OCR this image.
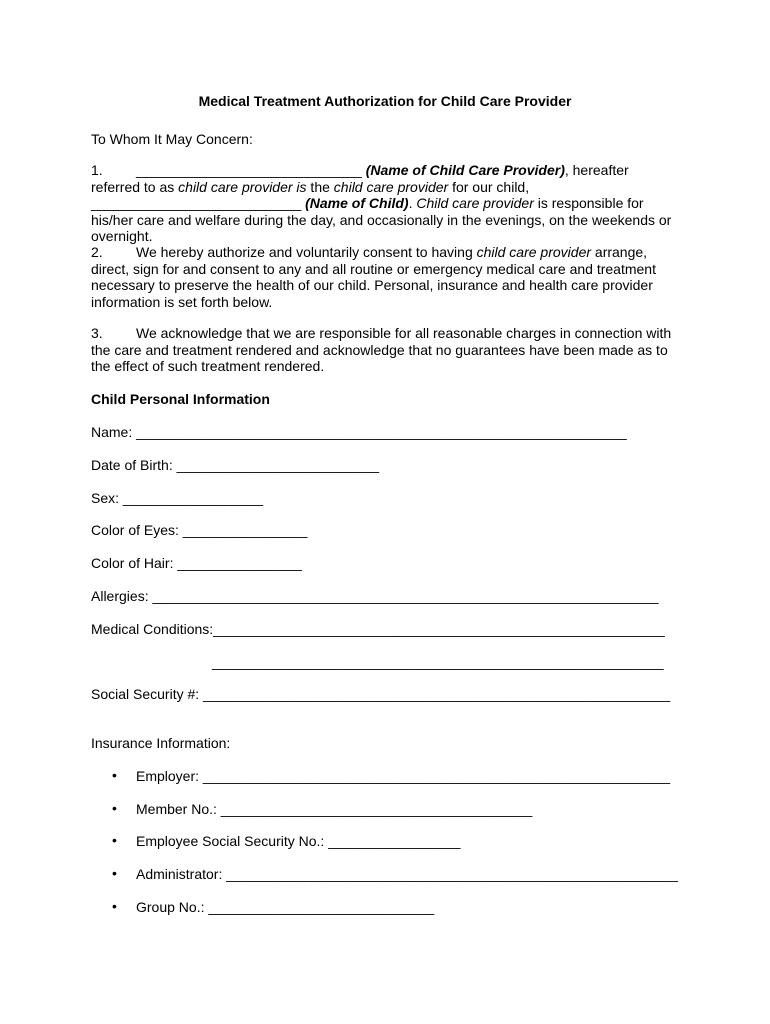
Medical Treatment Authorization for Child Care Provider
To Whom It May Concern:

1. _____________________________ (Name of Child Care Provider), hereafter referred to as child care provider is the child care provider for our child, ___________________________ (Name of Child). Child care provider is responsible for his/her care and welfare during the day, and occasionally in the evenings, on the weekends or overnight.

2. We hereby authorize and voluntarily consent to having child care provider arrange, direct, sign for and consent to any and all routine or emergency medical care and treatment necessary to preserve the health of our child. Personal, insurance and health care provider information is set forth below.

3. We acknowledge that we are responsible for all reasonable charges in connection with the care and treatment rendered and acknowledge that no guarantees have been made as to the effect of such treatment rendered.

Child Personal Information
Name: _______________________________________________________________
Date of Birth: __________________________
Sex: __________________
Color of Eyes: ________________
Color of Hair: ________________
Allergies: _________________________________________________________________
Medical Conditions:__________________________________________________________
__________________________________________________________
Social Security #: ____________________________________________________________
Insurance Information:
• Employer: ____________________________________________________________
• Member No.: ________________________________________
• Employee Social Security No.: _________________
• Administrator: __________________________________________________________
• Group No.: _____________________________
